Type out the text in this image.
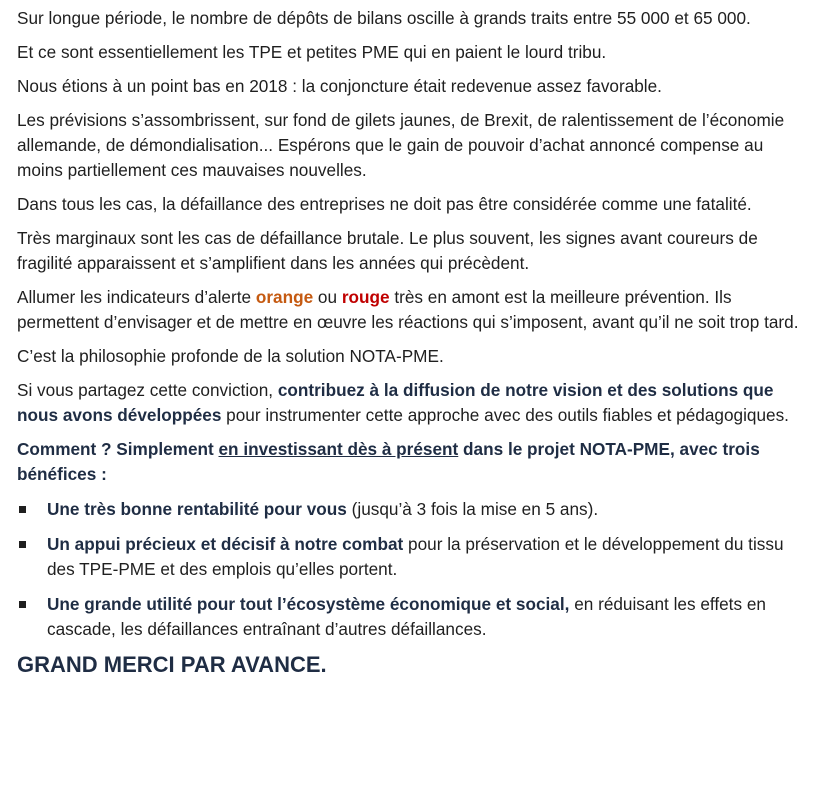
Sur longue période, le nombre de dépôts de bilans oscille à grands traits entre 55 000 et 65 000.

Et ce sont essentiellement les TPE et petites PME qui en paient le lourd tribu.

Nous étions à un point bas en 2018 : la conjoncture était redevenue assez favorable.

Les prévisions s’assombrissent, sur fond de gilets jaunes, de Brexit, de ralentissement de l’économie allemande, de démondialisation... Espérons que le gain de pouvoir d’achat annoncé compense au moins partiellement ces mauvaises nouvelles.

Dans tous les cas, la défaillance des entreprises ne doit pas être considérée comme une fatalité.

Très marginaux sont les cas de défaillance brutale. Le plus souvent, les signes avant coureurs de fragilité apparaissent et s’amplifient dans les années qui précèdent.

Allumer les indicateurs d’alerte orange ou rouge très en amont est la meilleure prévention. Ils permettent d’envisager et de mettre en œuvre les réactions qui s’imposent, avant qu’il ne soit trop tard.

C’est la philosophie profonde de la solution NOTA-PME.

Si vous partagez cette conviction, contribuez à la diffusion de notre vision et des solutions que nous avons développées pour instrumenter cette approche avec des outils fiables et pédagogiques.

Comment ? Simplement en investissant dès à présent dans le projet NOTA-PME, avec trois bénéfices :

Une très bonne rentabilité pour vous (jusqu’à 3 fois la mise en 5 ans).
Un appui précieux et décisif à notre combat pour la préservation et le développement du tissu des TPE-PME et des emplois qu’elles portent.
Une grande utilité pour tout l’écosystème économique et social, en réduisant les effets en cascade, les défaillances entraînant d’autres défaillances.
GRAND MERCI PAR AVANCE.
